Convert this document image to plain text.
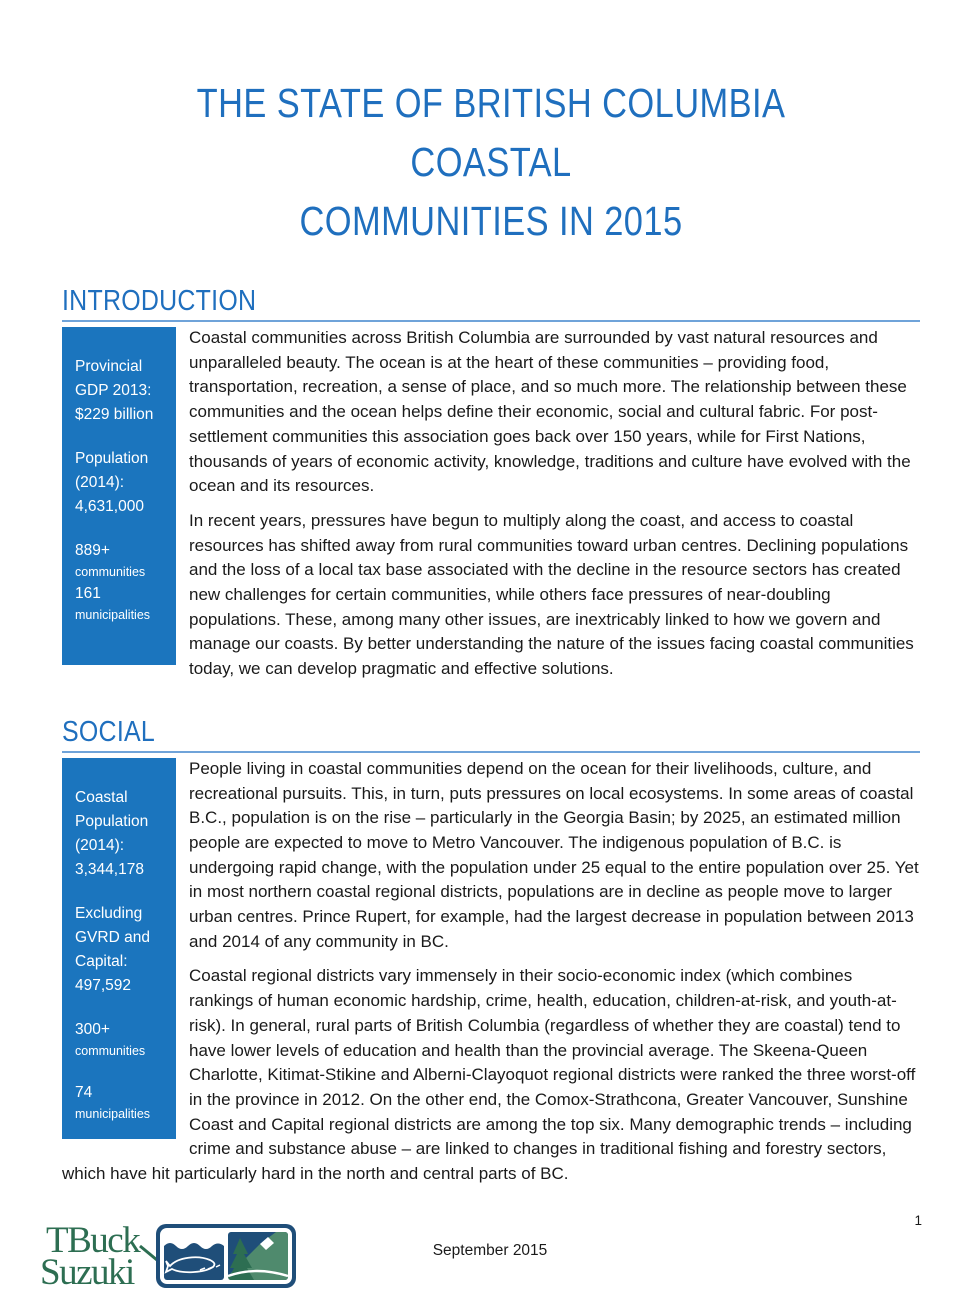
THE STATE OF BRITISH COLUMBIA COASTAL
COMMUNITIES IN 2015
INTRODUCTION
Provincial GDP 2013: $229 billion
Population (2014): 4,631,000
889+
communities
161
municipalities

Coastal communities across British Columbia are surrounded by vast natural resources and unparalleled beauty. The ocean is at the heart of these communities – providing food, transportation, recreation, a sense of place, and so much more. The relationship between these communities and the ocean helps define their economic, social and cultural fabric. For post-settlement communities this association goes back over 150 years, while for First Nations, thousands of years of economic activity, knowledge, traditions and culture have evolved with the ocean and its resources.

In recent years, pressures have begun to multiply along the coast, and access to coastal resources has shifted away from rural communities toward urban centres. Declining populations and the loss of a local tax base associated with the decline in the resource sectors has created new challenges for certain communities, while others face pressures of near-doubling populations. These, among many other issues, are inextricably linked to how we govern and manage our coasts. By better understanding the nature of the issues facing coastal communities today, we can develop pragmatic and effective solutions.

SOCIAL
Coastal Population (2014): 3,344,178
Excluding GVRD and Capital: 497,592
300+
communities
74
municipalities

People living in coastal communities depend on the ocean for their livelihoods, culture, and recreational pursuits. This, in turn, puts pressures on local ecosystems. In some areas of coastal B.C., population is on the rise – particularly in the Georgia Basin; by 2025, an estimated million people are expected to move to Metro Vancouver. The indigenous population of B.C. is undergoing rapid change, with the population under 25 equal to the entire population over 25. Yet in most northern coastal regional districts, populations are in decline as people move to larger urban centres. Prince Rupert, for example, had the largest decrease in population between 2013 and 2014 of any community in BC.

Coastal regional districts vary immensely in their socio-economic index (which combines rankings of human economic hardship, crime, health, education, children-at-risk, and youth-at-risk). In general, rural parts of British Columbia (regardless of whether they are coastal) tend to have lower levels of education and health than the provincial average. The Skeena-Queen Charlotte, Kitimat-Stikine and Alberni-Clayoquot regional districts were ranked the three worst-off in the province in 2012. On the other end, the Comox-Strathcona, Greater Vancouver, Sunshine Coast and Capital regional districts are among the top six. Many demographic trends – including crime and substance abuse – are linked to changes in traditional fishing and forestry sectors, which have hit particularly hard in the north and central parts of BC.

TBuck
Suzuki
September 2015
1
